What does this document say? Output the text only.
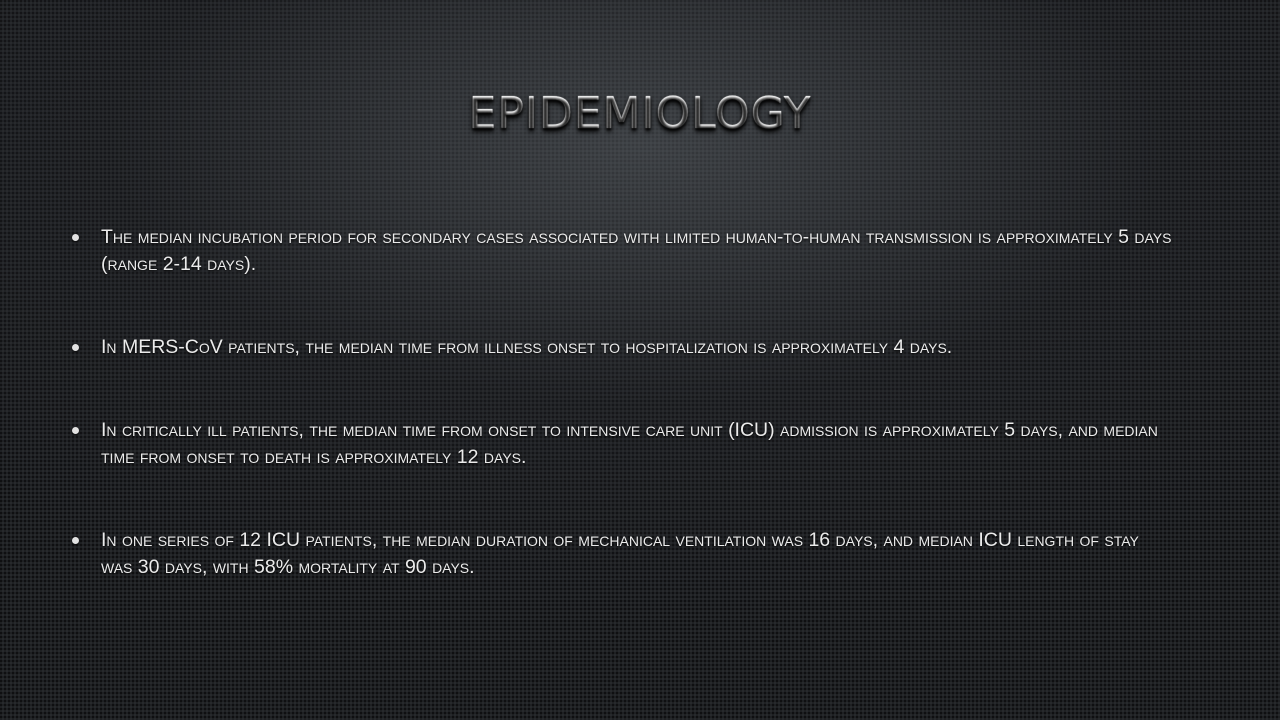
EPIDEMIOLOGY
The median incubation period for secondary cases associated with limited human-to-human transmission is approximately 5 days (range 2-14 days).
In MERS-CoV patients, the median time from illness onset to hospitalization is approximately 4 days.
In critically ill patients, the median time from onset to intensive care unit (ICU) admission is approximately 5 days, and median time from onset to death is approximately 12 days.
In one series of 12 ICU patients, the median duration of mechanical ventilation was 16 days, and median ICU length of stay was 30 days, with 58% mortality at 90 days.
